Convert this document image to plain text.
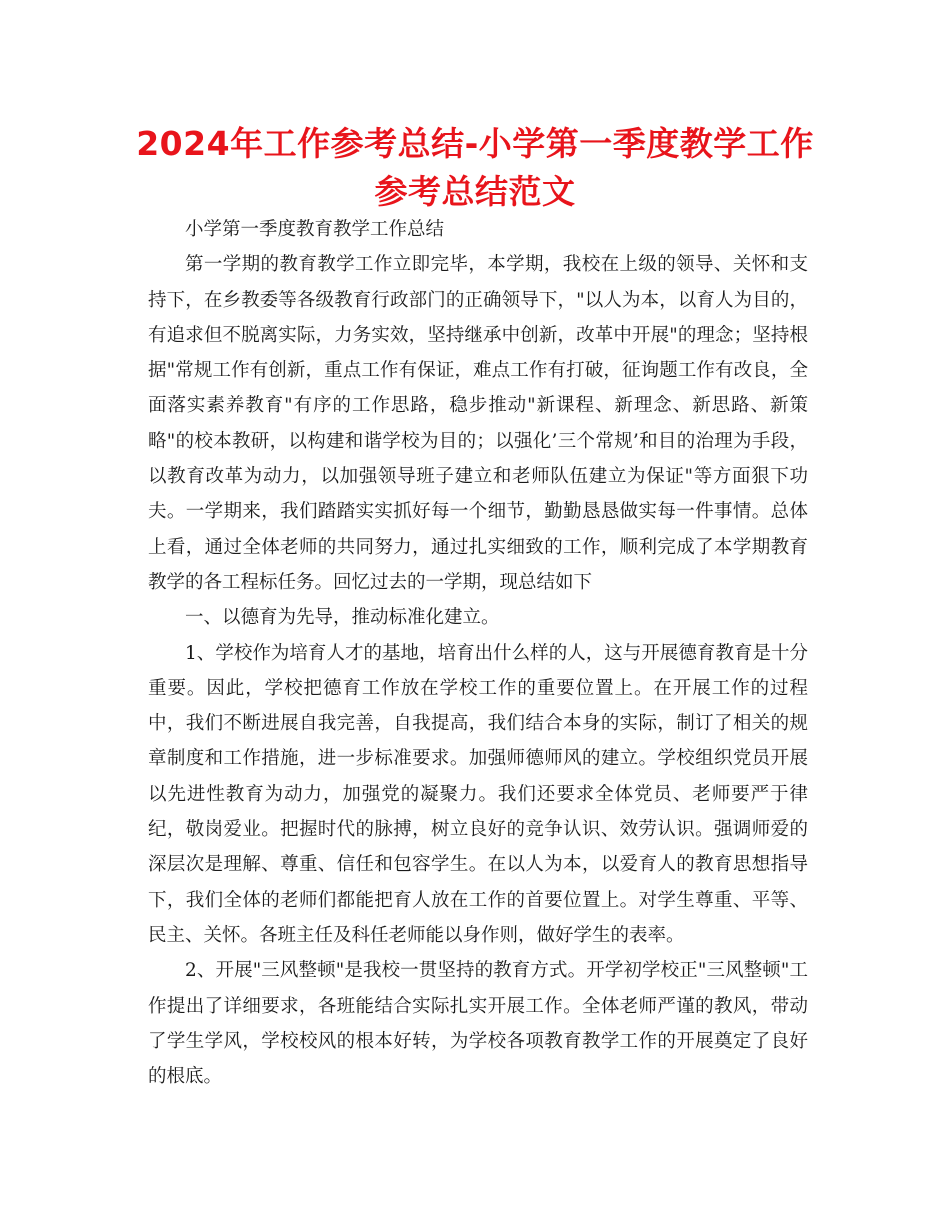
2024年工作参考总结-小学第一季度教学工作参考总结范文

小学第一季度教育教学工作总结

第一学期的教育教学工作立即完毕，本学期，我校在上级的领导、关怀和支持下，在乡教委等各级教育行政部门的正确领导下，"以人为本，以育人为目的，有追求但不脱离实际，力务实效，坚持继承中创新，改革中开展"的理念；坚持根据"常规工作有创新，重点工作有保证，难点工作有打破，征询题工作有改良，全面落实素养教育"有序的工作思路，稳步推动"新课程、新理念、新思路、新策略"的校本教研，以构建和谐学校为目的；以强化’三个常规’和目的治理为手段，以教育改革为动力，以加强领导班子建立和老师队伍建立为保证"等方面狠下功夫。一学期来，我们踏踏实实抓好每一个细节，勤勤恳恳做实每一件事情。总体上看，通过全体老师的共同努力，通过扎实细致的工作，顺利完成了本学期教育教学的各工程标任务。回忆过去的一学期，现总结如下

一、以德育为先导，推动标准化建立。

1、学校作为培育人才的基地，培育出什么样的人，这与开展德育教育是十分重要。因此，学校把德育工作放在学校工作的重要位置上。在开展工作的过程中，我们不断进展自我完善，自我提高，我们结合本身的实际，制订了相关的规章制度和工作措施，进一步标准要求。加强师德师风的建立。学校组织党员开展以先进性教育为动力，加强党的凝聚力。我们还要求全体党员、老师要严于律纪，敬岗爱业。把握时代的脉搏，树立良好的竞争认识、效劳认识。强调师爱的深层次是理解、尊重、信任和包容学生。在以人为本，以爱育人的教育思想指导下，我们全体的老师们都能把育人放在工作的首要位置上。对学生尊重、平等、民主、关怀。各班主任及科任老师能以身作则，做好学生的表率。

2、开展"三风整顿"是我校一贯坚持的教育方式。开学初学校正"三风整顿"工作提出了详细要求，各班能结合实际扎实开展工作。全体老师严谨的教风，带动了学生学风，学校校风的根本好转，为学校各项教育教学工作的开展奠定了良好的根底。
